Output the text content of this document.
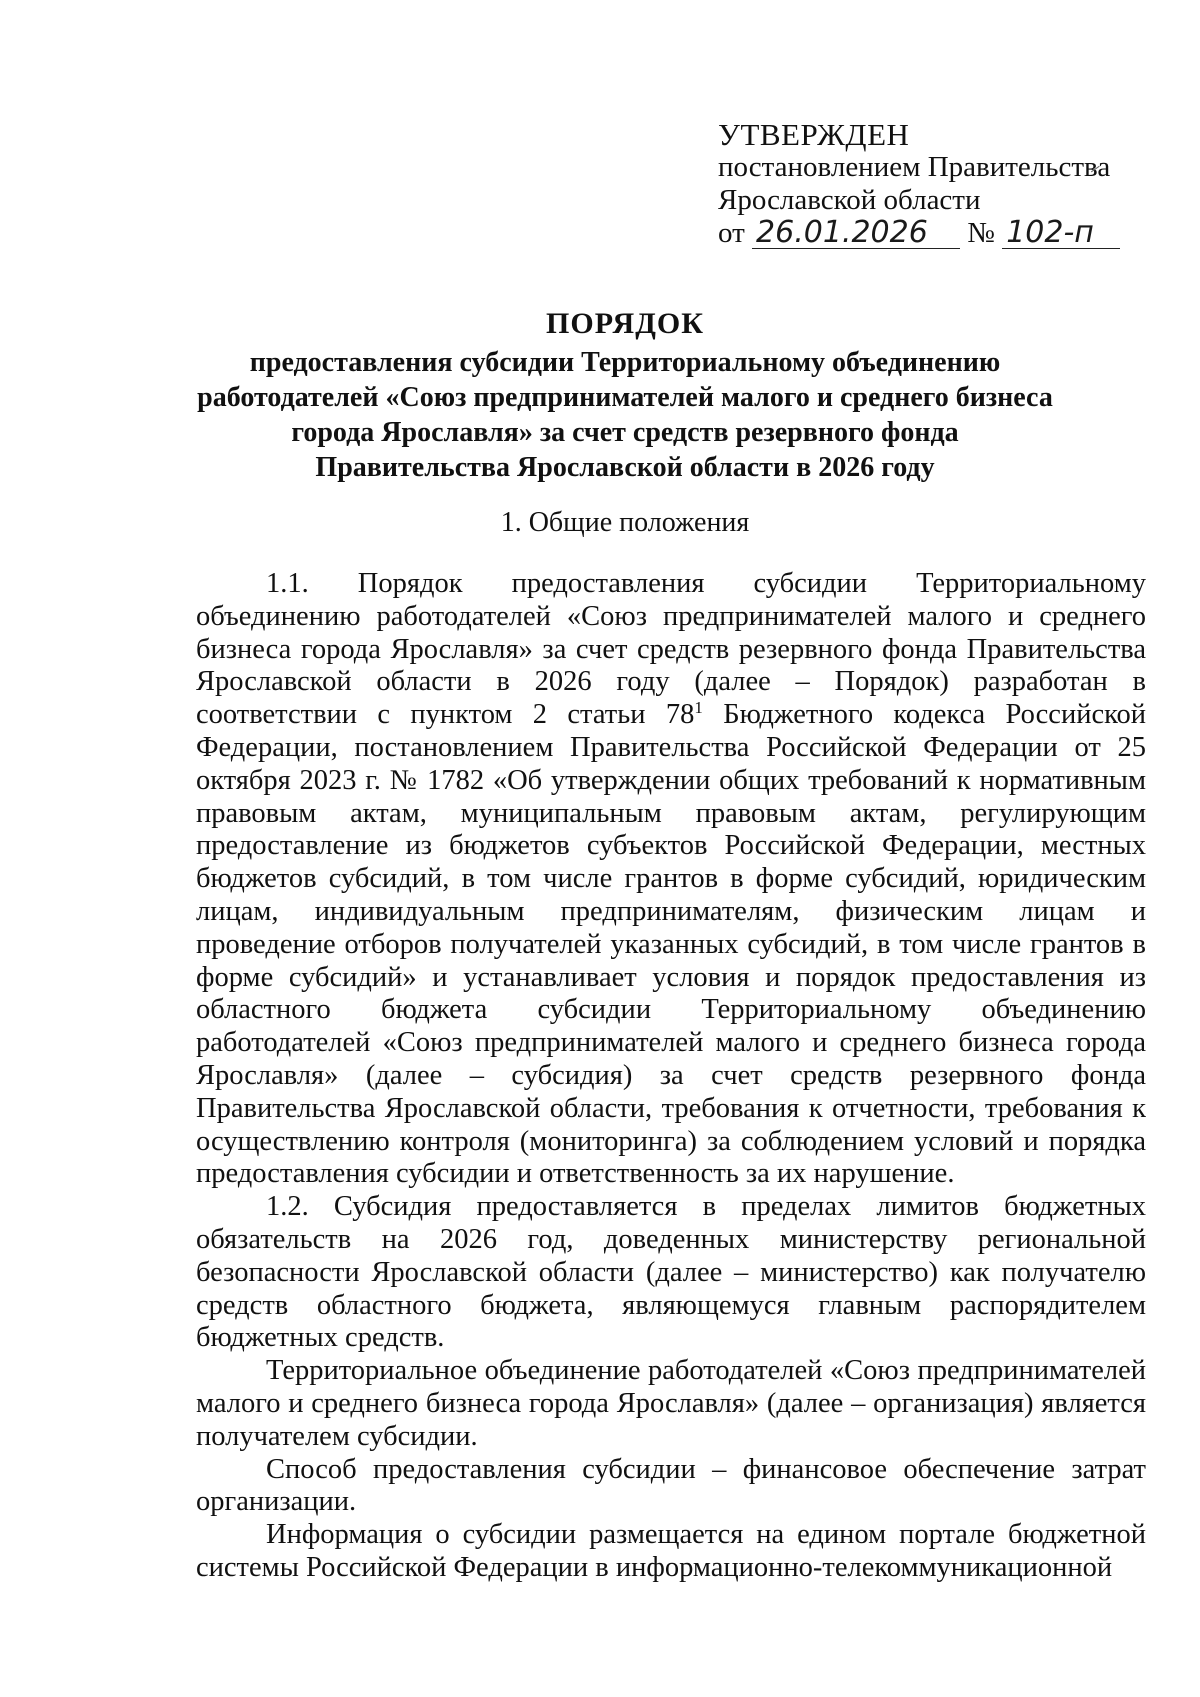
УТВЕРЖДЕН
постановлением Правительства
Ярославской области
от 26.01.2026 № 102-п
ПОРЯДОК
предоставления субсидии Территориальному объединению
работодателей «Союз предпринимателей малого и среднего бизнеса
города Ярославля» за счет средств резервного фонда
Правительства Ярославской области в 2026 году
1. Общие положения

1.1. Порядок предоставления субсидии Территориальному объединению работодателей «Союз предпринимателей малого и среднего бизнеса города Ярославля» за счет средств резервного фонда Правительства Ярославской области в 2026 году (далее – Порядок) разработан в соответствии с пунктом 2 статьи $78^1$ Бюджетного кодекса Российской Федерации, постановлением Правительства Российской Федерации от 25 октября 2023 г. № 1782 «Об утверждении общих требований к нормативным правовым актам, муниципальным правовым актам, регулирующим предоставление из бюджетов субъектов Российской Федерации, местных бюджетов субсидий, в том числе грантов в форме субсидий, юридическим лицам, индивидуальным предпринимателям, физическим лицам и проведение отборов получателей указанных субсидий, в том числе грантов в форме субсидий» и устанавливает условия и порядок предоставления из областного бюджета субсидии Территориальному объединению работодателей «Союз предпринимателей малого и среднего бизнеса города Ярославля» (далее – субсидия) за счет средств резервного фонда Правительства Ярославской области, требования к отчетности, требования к осуществлению контроля (мониторинга) за соблюдением условий и порядка предоставления субсидии и ответственность за их нарушение.

1.2. Субсидия предоставляется в пределах лимитов бюджетных обязательств на 2026 год, доведенных министерству региональной безопасности Ярославской области (далее – министерство) как получателю средств областного бюджета, являющемуся главным распорядителем бюджетных средств.

Территориальное объединение работодателей «Союз предпринимателей малого и среднего бизнеса города Ярославля» (далее – организация) является получателем субсидии.

Способ предоставления субсидии – финансовое обеспечение затрат организации.

Информация о субсидии размещается на едином портале бюджетной системы Российской Федерации в информационно-телекоммуникационной
